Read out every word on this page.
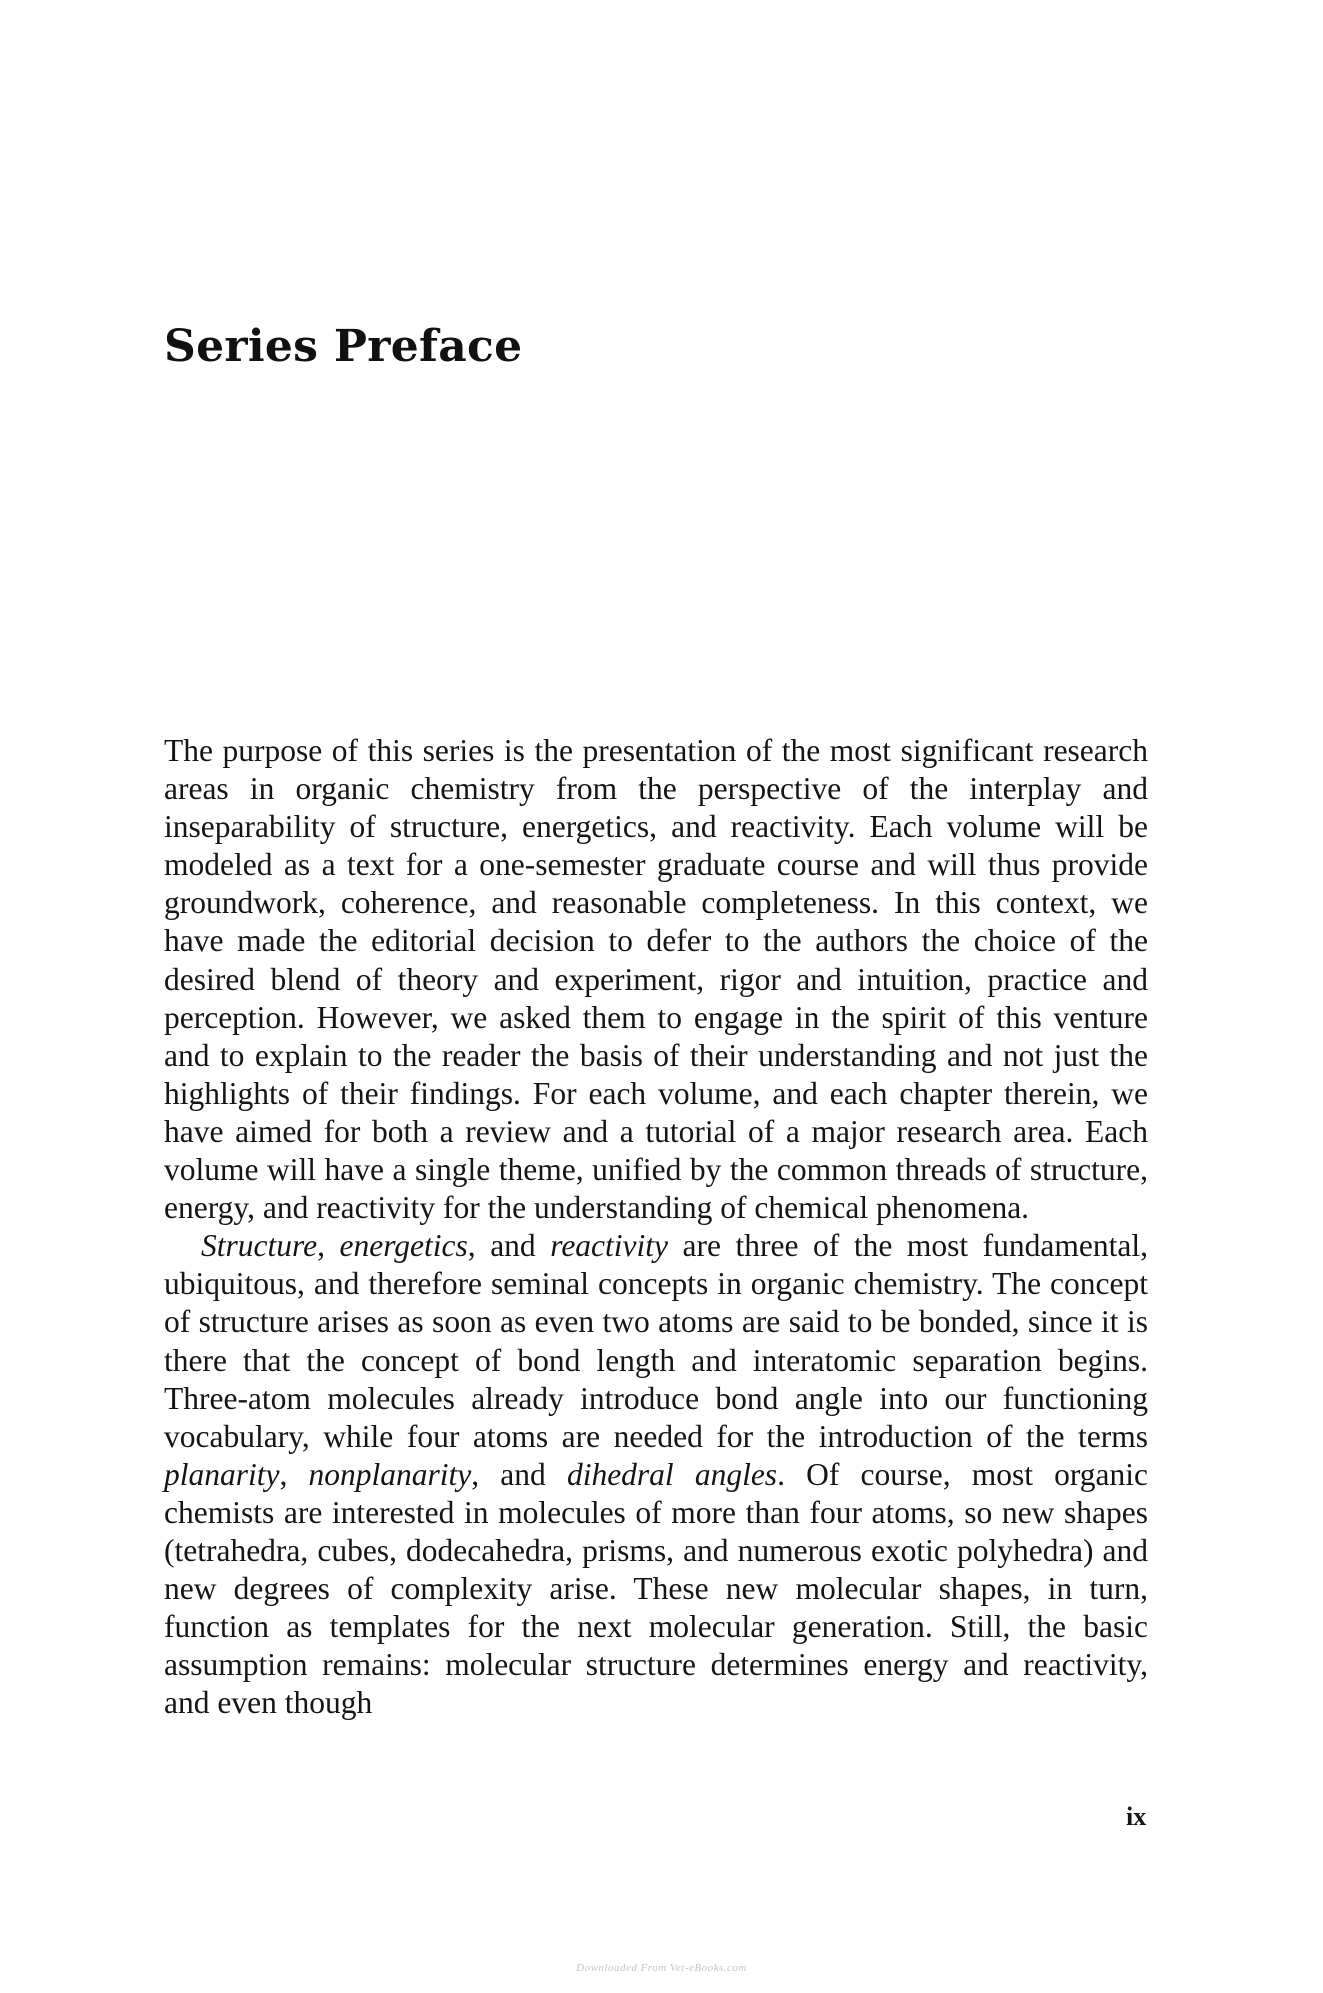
Series Preface

The purpose of this series is the presentation of the most significant research areas in organic chemistry from the perspective of the interplay and inseparability of structure, energetics, and reactivity. Each volume will be modeled as a text for a one-semester graduate course and will thus provide groundwork, coherence, and reasonable completeness. In this context, we have made the editorial decision to defer to the authors the choice of the desired blend of theory and experiment, rigor and intuition, practice and perception. However, we asked them to engage in the spirit of this venture and to explain to the reader the basis of their understanding and not just the highlights of their findings. For each volume, and each chapter therein, we have aimed for both a review and a tutorial of a major research area. Each volume will have a single theme, unified by the common threads of structure, energy, and reactivity for the understanding of chemical phenomena.

Structure, energetics, and reactivity are three of the most fundamental, ubiquitous, and therefore seminal concepts in organic chemistry. The concept of structure arises as soon as even two atoms are said to be bonded, since it is there that the concept of bond length and interatomic separation begins. Three-atom molecules already introduce bond angle into our functioning vocabulary, while four atoms are needed for the introduction of the terms planarity, nonplanarity, and dihedral angles. Of course, most organic chemists are interested in molecules of more than four atoms, so new shapes (tetrahedra, cubes, dodecahedra, prisms, and numerous exotic polyhedra) and new degrees of complexity arise. These new molecular shapes, in turn, function as templates for the next molecular generation. Still, the basic assumption remains: molecular structure determines energy and reactivity, and even though

ix
Downloaded From Vet-eBooks.com
